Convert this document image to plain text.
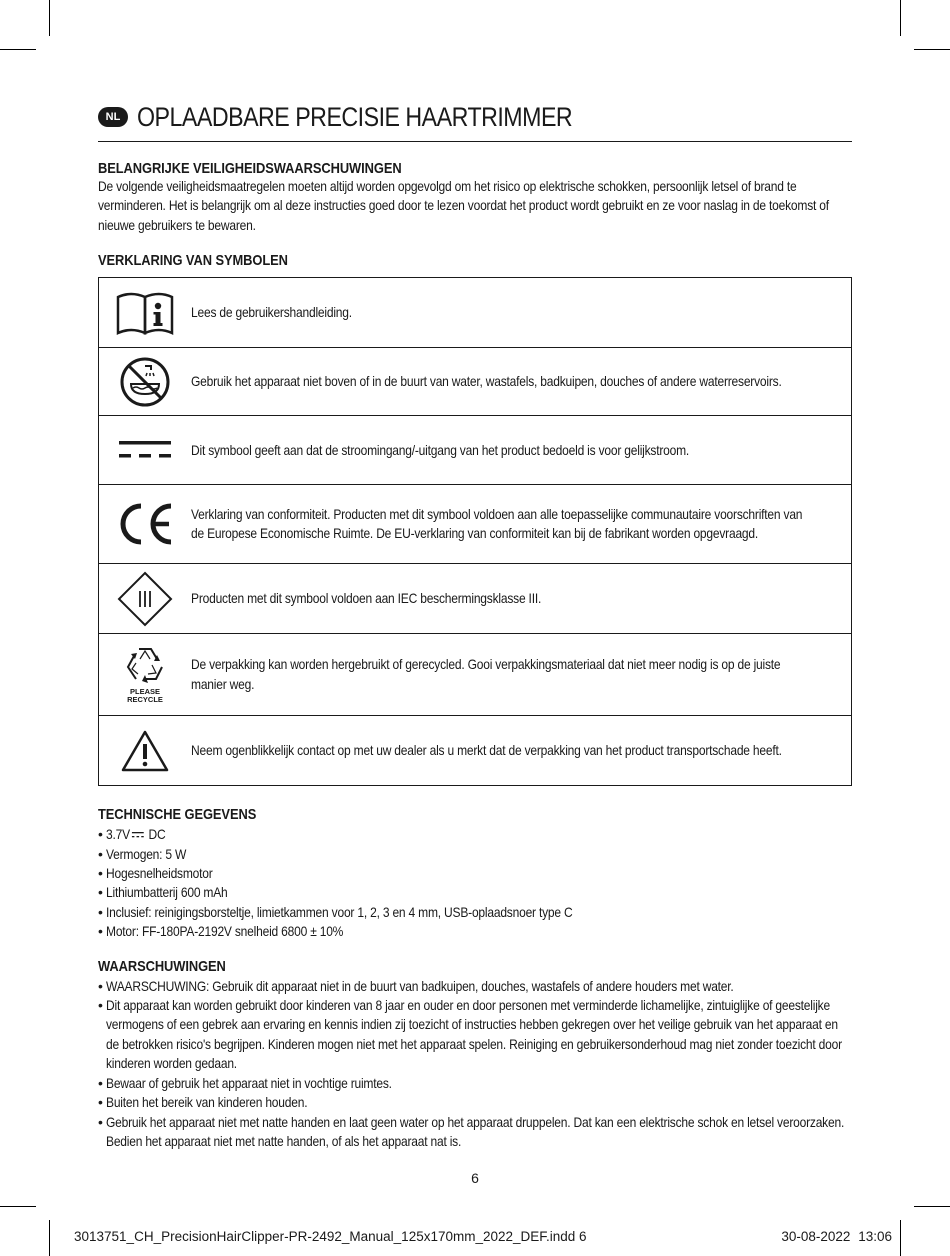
NL OPLAADBARE PRECISIE HAARTRIMMER
BELANGRIJKE VEILIGHEIDSWAARSCHUWINGEN
De volgende veiligheidsmaatregelen moeten altijd worden opgevolgd om het risico op elektrische schokken, persoonlijk letsel of brand te verminderen. Het is belangrijk om al deze instructies goed door te lezen voordat het product wordt gebruikt en ze voor naslag in de toekomst of nieuwe gebruikers te bewaren.
VERKLARING VAN SYMBOLEN
Lees de gebruikershandleiding.
Gebruik het apparaat niet boven of in de buurt van water, wastafels, badkuipen, douches of andere waterreservoirs.
Dit symbool geeft aan dat de stroomingang/-uitgang van het product bedoeld is voor gelijkstroom.
Verklaring van conformiteit. Producten met dit symbool voldoen aan alle toepasselijke communautaire voorschriften van de Europese Economische Ruimte. De EU-verklaring van conformiteit kan bij de fabrikant worden opgevraagd.
Producten met dit symbool voldoen aan IEC beschermingsklasse III.
PLEASE
RECYCLE
De verpakking kan worden hergebruikt of gerecycled. Gooi verpakkingsmateriaal dat niet meer nodig is op de juiste manier weg.
Neem ogenblikkelijk contact op met uw dealer als u merkt dat de verpakking van het product transportschade heeft.
TECHNISCHE GEGEVENS
• 3.7V DC
• Vermogen: 5 W
• Hogesnelheidsmotor
• Lithiumbatterij 600 mAh
• Inclusief: reinigingsborsteltje, limietkammen voor 1, 2, 3 en 4 mm, USB-oplaadsnoer type C
• Motor: FF-180PA-2192V snelheid 6800 ± 10%
WAARSCHUWINGEN
• WAARSCHUWING: Gebruik dit apparaat niet in de buurt van badkuipen, douches, wastafels of andere houders met water.
• Dit apparaat kan worden gebruikt door kinderen van 8 jaar en ouder en door personen met verminderde lichamelijke, zintuiglijke of geestelijke vermogens of een gebrek aan ervaring en kennis indien zij toezicht of instructies hebben gekregen over het veilige gebruik van het apparaat en de betrokken risico's begrijpen. Kinderen mogen niet met het apparaat spelen. Reiniging en gebruikersonderhoud mag niet zonder toezicht door kinderen worden gedaan.
• Bewaar of gebruik het apparaat niet in vochtige ruimtes.
• Buiten het bereik van kinderen houden.
• Gebruik het apparaat niet met natte handen en laat geen water op het apparaat druppelen. Dat kan een elektrische schok en letsel veroorzaken. Bedien het apparaat niet met natte handen, of als het apparaat nat is.
6
3013751_CH_PrecisionHairClipper-PR-2492_Manual_125x170mm_2022_DEF.indd 6	30-08-2022 13:06
